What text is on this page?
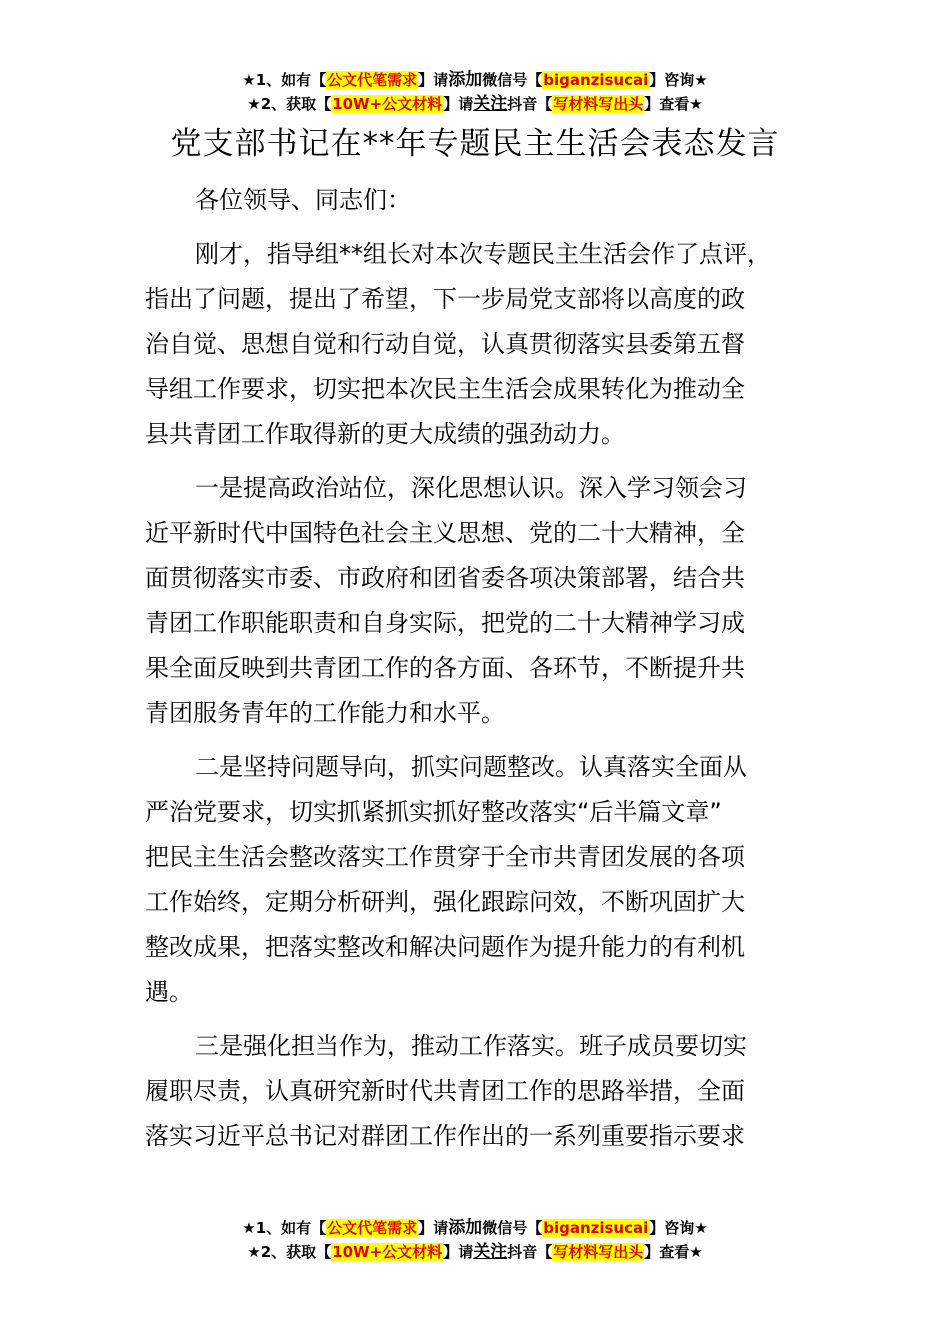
★1、如有【公文代笔需求】请添加微信号【biganzisucai】咨询★
★2、获取【10W+公文材料】请关注抖音【写材料写出头】查看★
党支部书记在**年专题民主生活会表态发言
各位领导、同志们：
刚才，指导组**组长对本次专题民主生活会作了点评，
指出了问题，提出了希望，下一步局党支部将以高度的政
治自觉、思想自觉和行动自觉，认真贯彻落实县委第五督
导组工作要求，切实把本次民主生活会成果转化为推动全
县共青团工作取得新的更大成绩的强劲动力。
一是提高政治站位，深化思想认识。深入学习领会习
近平新时代中国特色社会主义思想、党的二十大精神，全
面贯彻落实市委、市政府和团省委各项决策部署，结合共
青团工作职能职责和自身实际，把党的二十大精神学习成
果全面反映到共青团工作的各方面、各环节，不断提升共
青团服务青年的工作能力和水平。
二是坚持问题导向，抓实问题整改。认真落实全面从
严治党要求，切实抓紧抓实抓好整改落实“后半篇文章”
把民主生活会整改落实工作贯穿于全市共青团发展的各项
工作始终，定期分析研判，强化跟踪问效，不断巩固扩大
整改成果，把落实整改和解决问题作为提升能力的有利机
遇。
三是强化担当作为，推动工作落实。班子成员要切实
履职尽责，认真研究新时代共青团工作的思路举措，全面
落实习近平总书记对群团工作作出的一系列重要指示要求
★1、如有【公文代笔需求】请添加微信号【biganzisucai】咨询★
★2、获取【10W+公文材料】请关注抖音【写材料写出头】查看★
